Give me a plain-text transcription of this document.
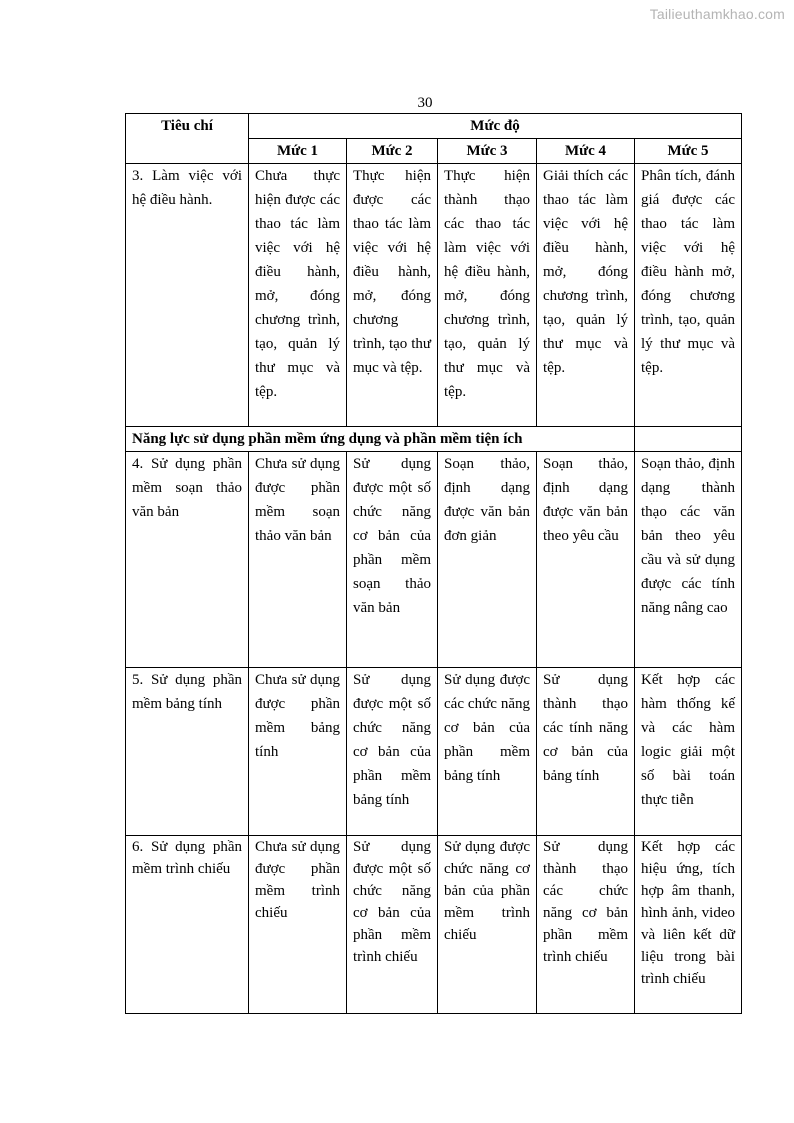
Tailieuthamkhao.com
30
Tiêu chí	Mức độ				
	Mức 1	Mức 2	Mức 3	Mức 4	Mức 5
3. Làm việc với hệ điều hành.	Chưa thực hiện được các thao tác làm việc với hệ điều hành, mở, đóng chương trình, tạo, quản lý thư mục và tệp.	Thực hiện được các thao tác làm việc với hệ điều hành, mở, đóng chương trình, tạo thư mục và tệp.	Thực hiện thành thạo các thao tác làm việc với hệ điều hành, mở, đóng chương trình, tạo, quản lý thư mục và tệp.	Giải thích các thao tác làm việc với hệ điều hành, mở, đóng chương trình, tạo, quản lý thư mục và tệp.	Phân tích, đánh giá được các thao tác làm việc với hệ điều hành mở, đóng chương trình, tạo, quản lý thư mục và tệp.
Năng lực sử dụng phần mềm ứng dụng và phần mềm tiện ích					
4. Sử dụng phần mềm soạn thảo văn bản	Chưa sử dụng được phần mềm soạn thảo văn bản	Sử dụng được một số chức năng cơ bản của phần mềm soạn thảo văn bản	Soạn thảo, định dạng được văn bản đơn giản	Soạn thảo, định dạng được văn bản theo yêu cầu	Soạn thảo, định dạng thành thạo các văn bản theo yêu cầu và sử dụng được các tính năng nâng cao
5. Sử dụng phần mềm bảng tính	Chưa sử dụng được phần mềm bảng tính	Sử dụng được một số chức năng cơ bản của phần mềm bảng tính	Sử dụng được các chức năng cơ bản của phần mềm bảng tính	Sử dụng thành thạo các tính năng cơ bản của bảng tính	Kết hợp các hàm thống kế và các hàm logic giải một số bài toán thực tiễn
6. Sử dụng phần mềm trình chiếu	Chưa sử dụng được phần mềm trình chiếu	Sử dụng được một số chức năng cơ bản của phần mềm trình chiếu	Sử dụng được chức năng cơ bản của phần mềm trình chiếu	Sử dụng thành thạo các chức năng cơ bản phần mềm trình chiếu	Kết hợp các hiệu ứng, tích hợp âm thanh, hình ảnh, video và liên kết dữ liệu trong bài trình chiếu
